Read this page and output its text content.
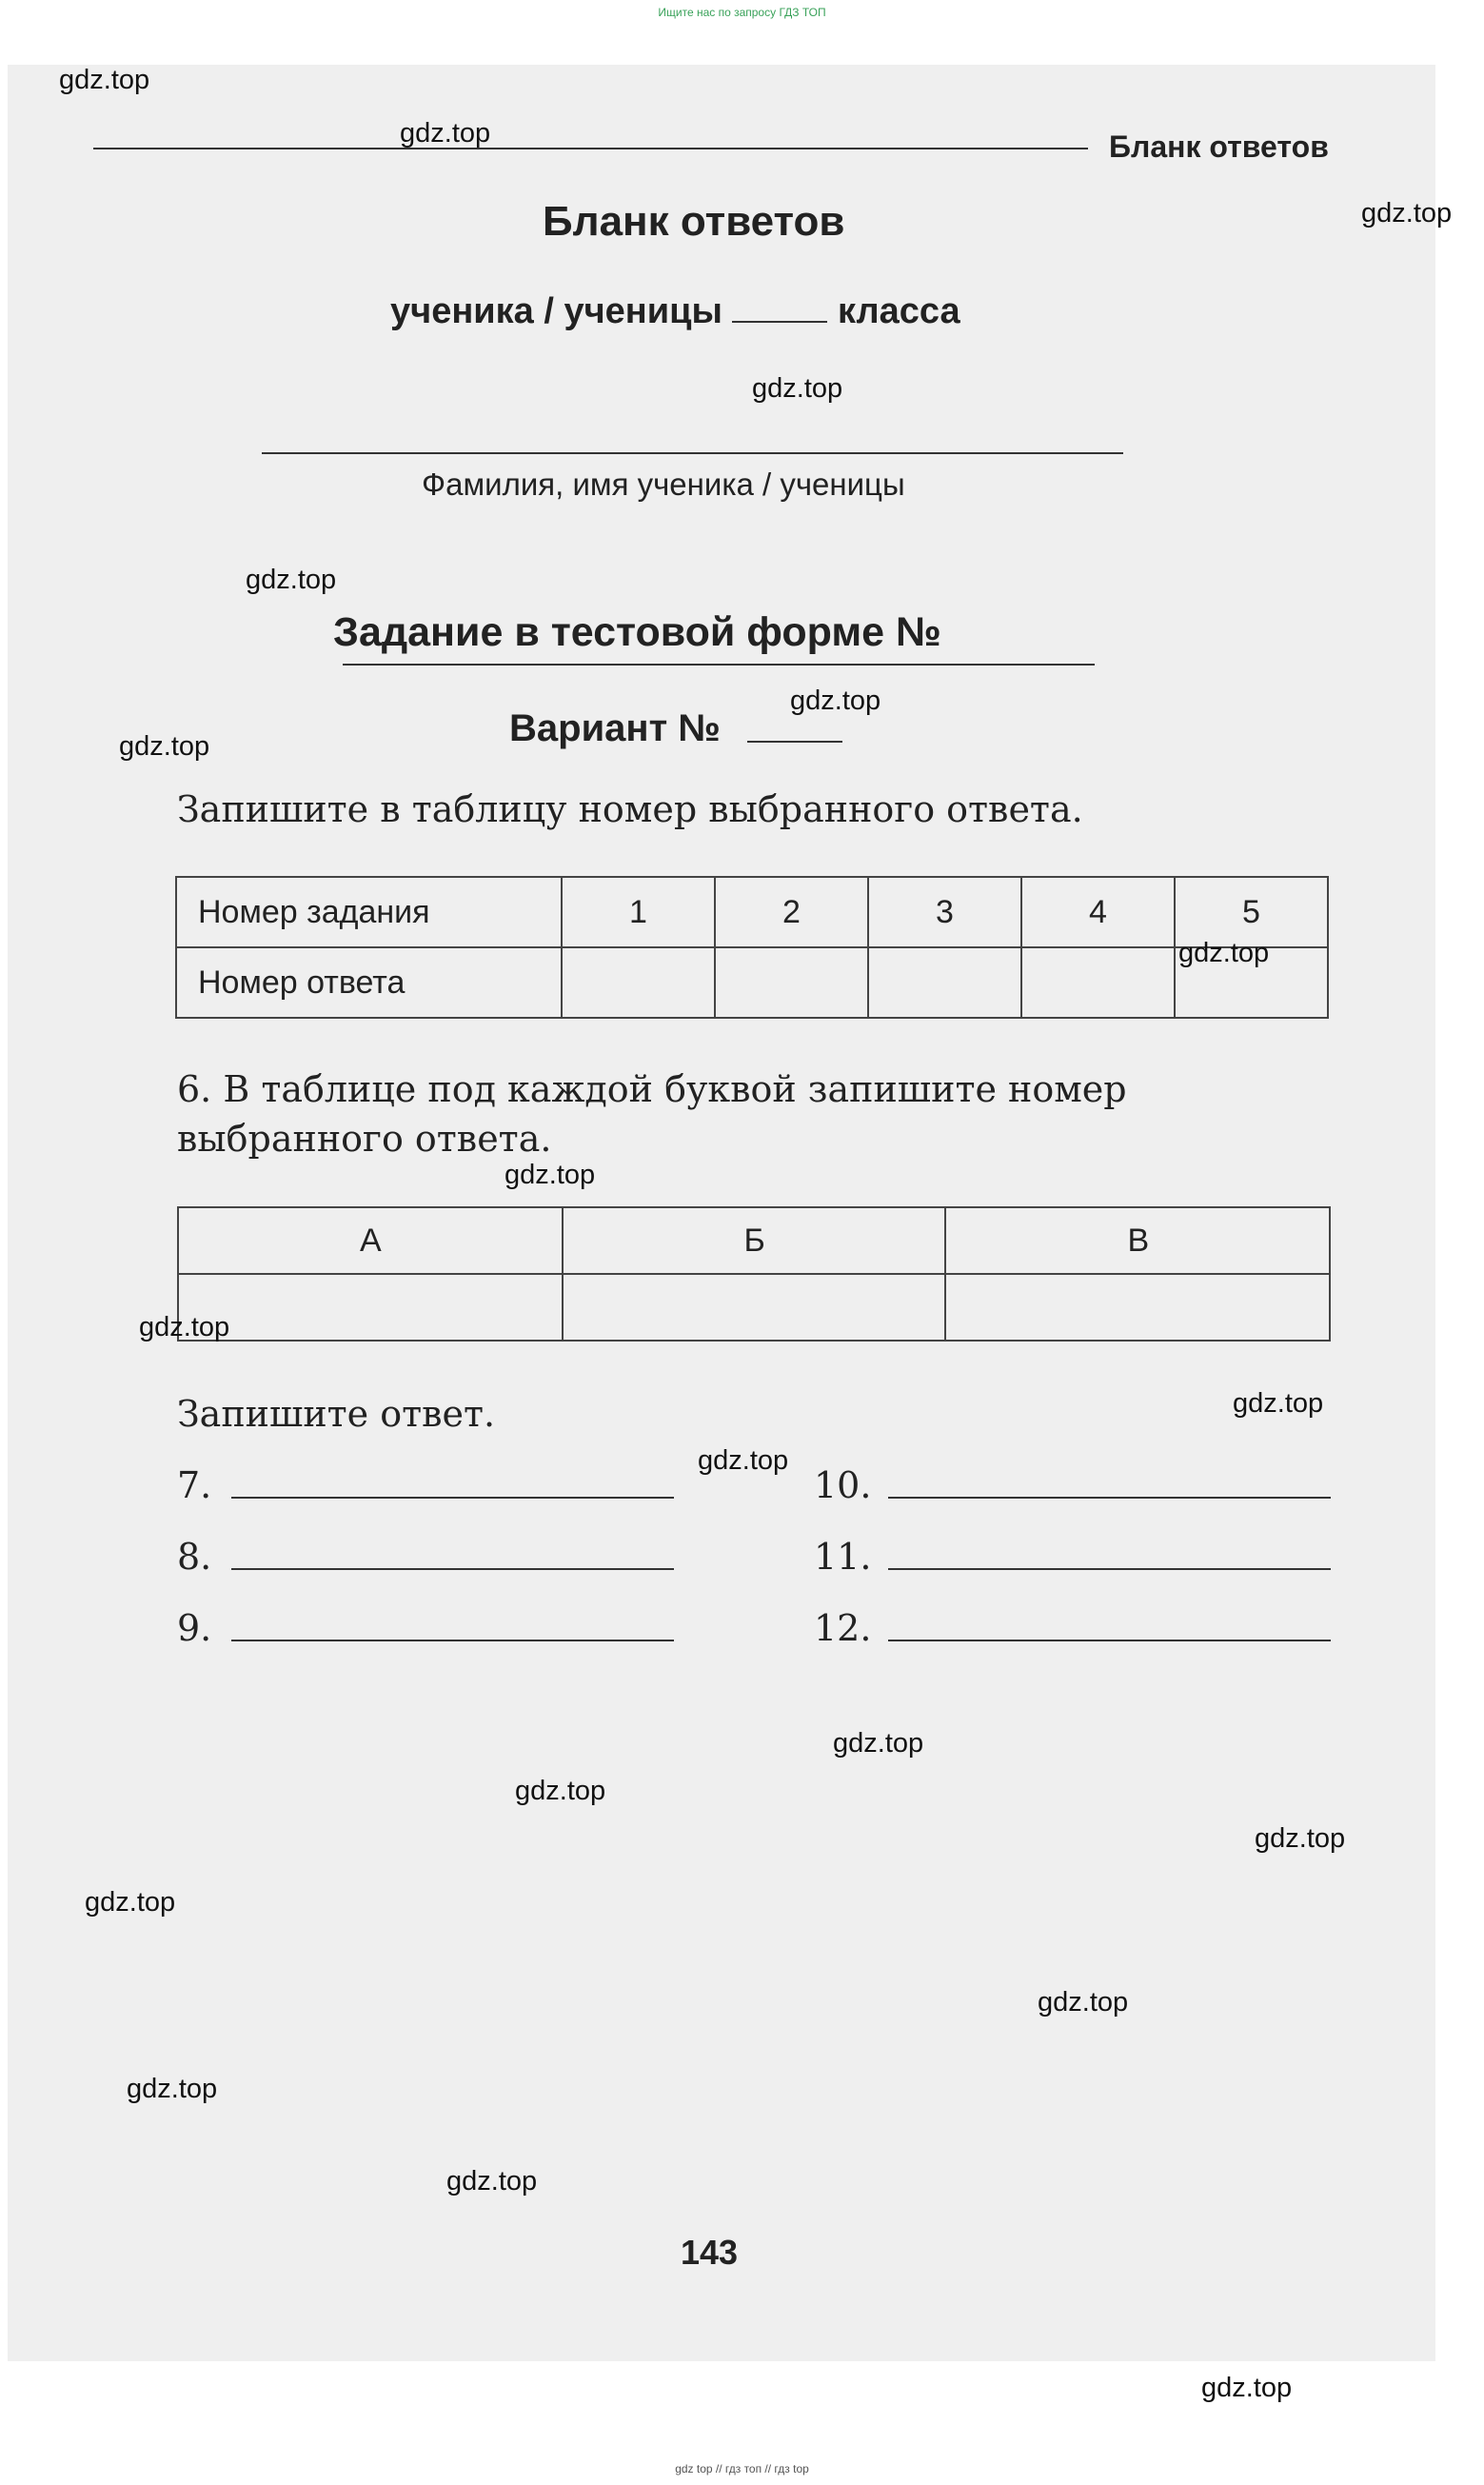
Ищите нас по запросу ГДЗ ТОП
Бланк ответов
Бланк ответов
ученика / ученицы	класса
Фамилия, имя ученика / ученицы
Задание в тестовой форме №
Вариант №
Запишите в таблицу номер выбранного ответа.
Номер задания	1	2	3	4	5
Номер ответа					
6. В таблице под каждой буквой запишите номер выбранного ответа.
А	Б	В

Запишите ответ.
7.
8.
9.
10.
11.
12.
143
gdz.top
gdz.top
gdz.top
gdz.top
gdz.top
gdz.top
gdz.top
gdz.top
gdz.top
gdz.top
gdz.top
gdz.top
gdz.top
gdz.top
gdz.top
gdz.top
gdz.top
gdz.top
gdz.top
gdz.top
gdz top // гдз топ // гдз top
